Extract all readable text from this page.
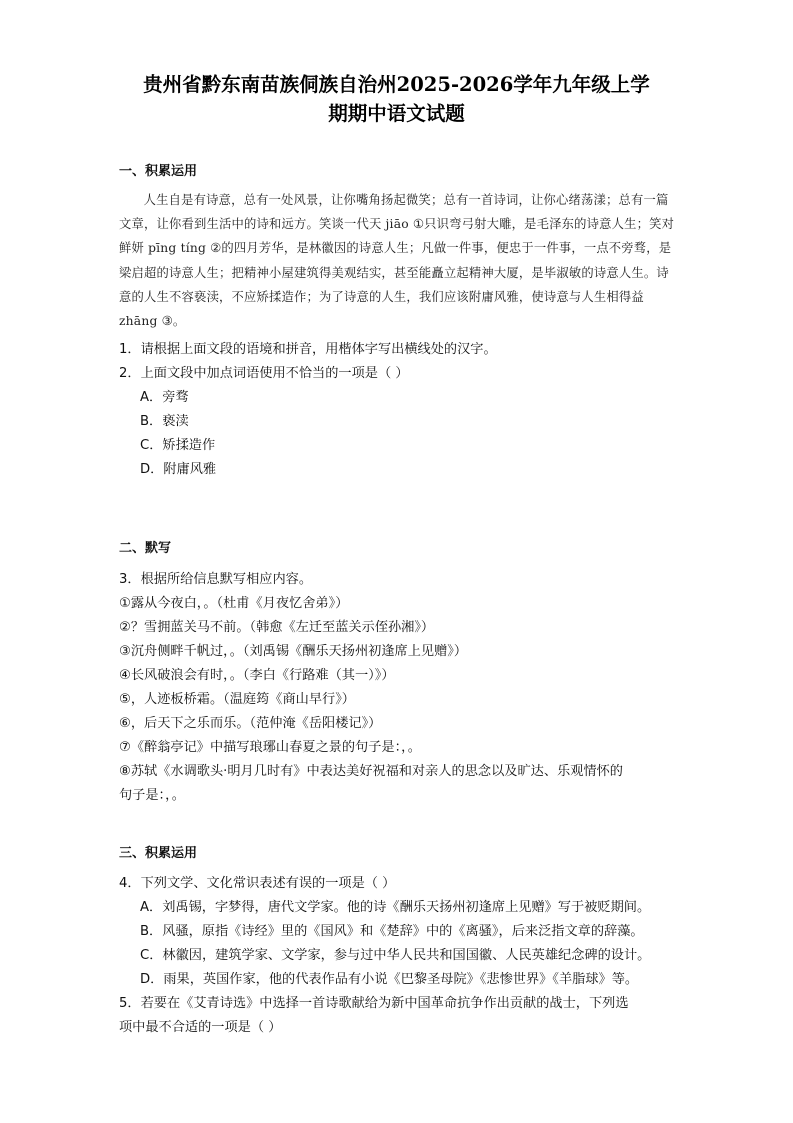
贵州省黔东南苗族侗族自治州2025-2026学年九年级上学
期期中语文试题
一、积累运用
人生自是有诗意，总有一处风景，让你嘴角扬起微笑；总有一首诗词，让你心绪荡漾；总有一篇文章，让你看到生活中的诗和远方。笑谈一代天 jiāo ①只识弯弓射大雕，是毛泽东的诗意人生；笑对鲜妍 pīng tíng ②的四月芳华，是林徽因的诗意人生；凡做一件事，便忠于一件事，一点不旁骛，是梁启超的诗意人生；把精神小屋建筑得美观结实，甚至能矗立起精神大厦，是毕淑敏的诗意人生。诗意的人生不容亵渎，不应矫揉造作；为了诗意的人生，我们应该附庸风雅，使诗意与人生相得益 zhāng ③。
1．请根据上面文段的语境和拼音，用楷体字写出横线处的汉字。
2．上面文段中加点词语使用不恰当的一项是（ ）
A．旁骛
B．亵渎
C．矫揉造作
D．附庸风雅
二、默写
3．根据所给信息默写相应内容。
①露从今夜白，。（杜甫《月夜忆舍弟》）
②？雪拥蓝关马不前。（韩愈《左迁至蓝关示侄孙湘》）
③沉舟侧畔千帆过，。（刘禹锡《酬乐天扬州初逢席上见赠》）
④长风破浪会有时，。（李白《行路难（其一）》）
⑤，人迹板桥霜。（温庭筠《商山早行》）
⑥，后天下之乐而乐。（范仲淹《岳阳楼记》）
⑦《醉翁亭记》中描写琅琊山春夏之景的句子是：，。
⑧苏轼《水调歌头·明月几时有》中表达美好祝福和对亲人的思念以及旷达、乐观情怀的
句子是：，。
三、积累运用
4．下列文学、文化常识表述有误的一项是（ ）
A．刘禹锡，字梦得，唐代文学家。他的诗《酬乐天扬州初逢席上见赠》写于被贬期间。
B．风骚，原指《诗经》里的《国风》和《楚辞》中的《离骚》，后来泛指文章的辞藻。
C．林徽因，建筑学家、文学家，参与过中华人民共和国国徽、人民英雄纪念碑的设计。
D．雨果，英国作家，他的代表作品有小说《巴黎圣母院》《悲惨世界》《羊脂球》等。
5．若要在《艾青诗选》中选择一首诗歌献给为新中国革命抗争作出贡献的战士，下列选
项中最不合适的一项是（ ）
